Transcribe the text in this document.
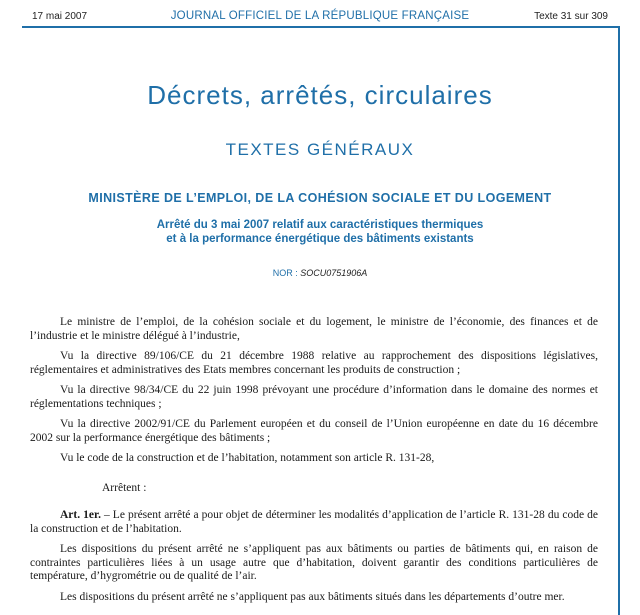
17 mai 2007	JOURNAL OFFICIEL DE LA RÉPUBLIQUE FRANÇAISE	Texte 31 sur 309
Décrets, arrêtés, circulaires
TEXTES GÉNÉRAUX
MINISTÈRE DE L’EMPLOI, DE LA COHÉSION SOCIALE ET DU LOGEMENT
Arrêté du 3 mai 2007 relatif aux caractéristiques thermiques
et à la performance énergétique des bâtiments existants
NOR : SOCU0751906A

Le ministre de l’emploi, de la cohésion sociale et du logement, le ministre de l’économie, des finances et de l’industrie et le ministre délégué à l’industrie,

Vu la directive 89/106/CE du 21 décembre 1988 relative au rapprochement des dispositions législatives, réglementaires et administratives des Etats membres concernant les produits de construction ;

Vu la directive 98/34/CE du 22 juin 1998 prévoyant une procédure d’information dans le domaine des normes et réglementations techniques ;

Vu la directive 2002/91/CE du Parlement européen et du conseil de l’Union européenne en date du 16 décembre 2002 sur la performance énergétique des bâtiments ;

Vu le code de la construction et de l’habitation, notamment son article R. 131-28,

Arrêtent :

Art. 1er. – Le présent arrêté a pour objet de déterminer les modalités d’application de l’article R. 131-28 du code de la construction et de l’habitation.

Les dispositions du présent arrêté ne s’appliquent pas aux bâtiments ou parties de bâtiments qui, en raison de contraintes particulières liées à un usage autre que d’habitation, doivent garantir des conditions particulières de température, d’hygrométrie ou de qualité de l’air.

Les dispositions du présent arrêté ne s’appliquent pas aux bâtiments situés dans les départements d’outre mer.
